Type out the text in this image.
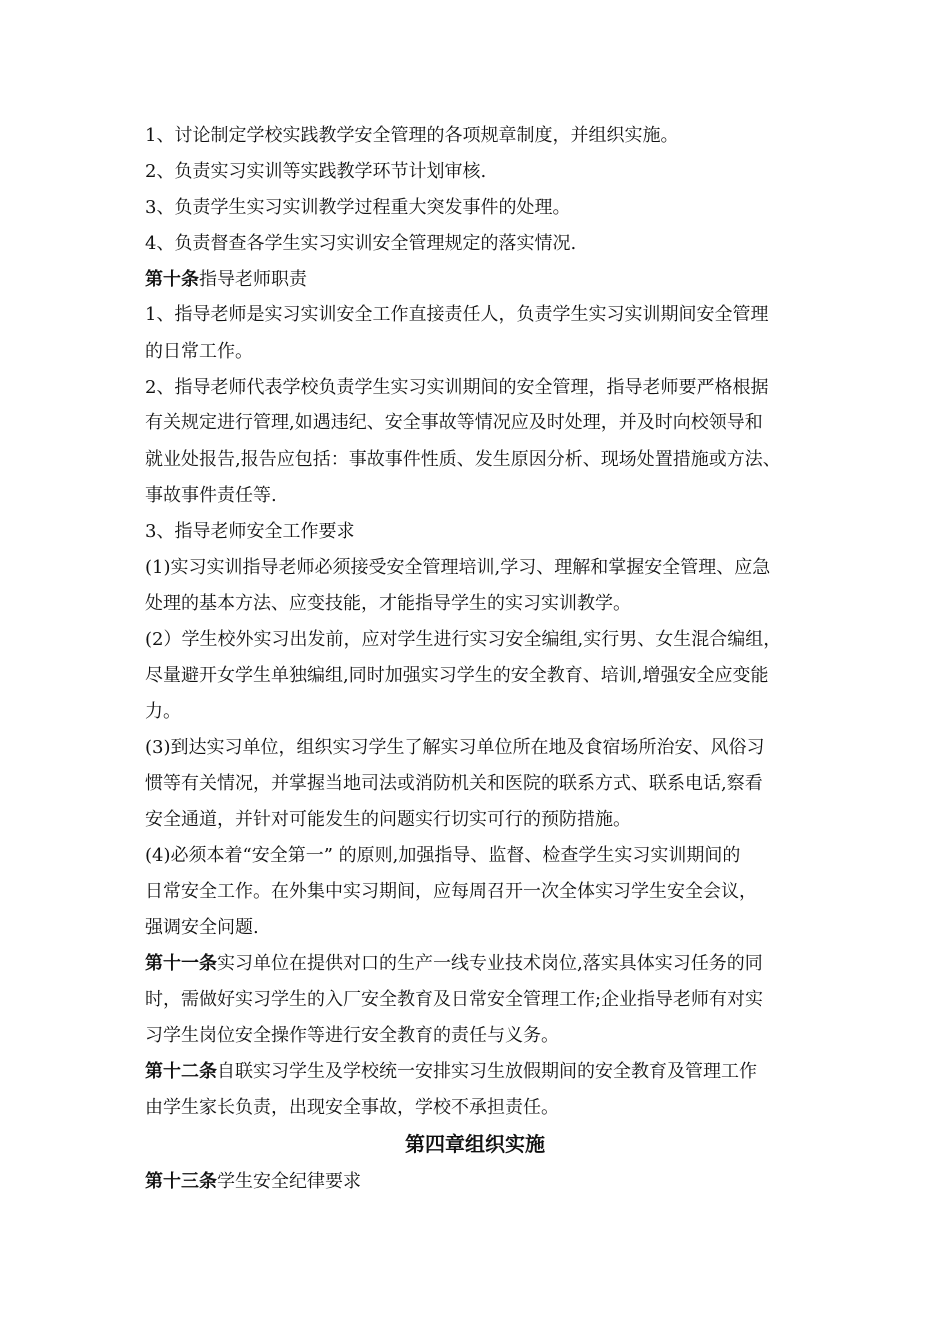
1、讨论制定学校实践教学安全管理的各项规章制度，并组织实施。
2、负责实习实训等实践教学环节计划审核.
3、负责学生实习实训教学过程重大突发事件的处理。
4、负责督查各学生实习实训安全管理规定的落实情况.
第十条指导老师职责
1、指导老师是实习实训安全工作直接责任人，负责学生实习实训期间安全管理
的日常工作。
2、指导老师代表学校负责学生实习实训期间的安全管理，指导老师要严格根据
有关规定进行管理,如遇违纪、安全事故等情况应及时处理，并及时向校领导和
就业处报告,报告应包括：事故事件性质、发生原因分析、现场处置措施或方法、
事故事件责任等.
3、指导老师安全工作要求
(1)实习实训指导老师必须接受安全管理培训,学习、理解和掌握安全管理、应急
处理的基本方法、应变技能，才能指导学生的实习实训教学。
(2）学生校外实习出发前，应对学生进行实习安全编组,实行男、女生混合编组，
尽量避开女学生单独编组,同时加强实习学生的安全教育、培训,增强安全应变能
力。
(3)到达实习单位，组织实习学生了解实习单位所在地及食宿场所治安、风俗习
惯等有关情况，并掌握当地司法或消防机关和医院的联系方式、联系电话,察看
安全通道，并针对可能发生的问题实行切实可行的预防措施。
(4)必须本着“安全第一” 的原则,加强指导、监督、检查学生实习实训期间的
日常安全工作。在外集中实习期间，应每周召开一次全体实习学生安全会议，
强调安全问题.
第十一条实习单位在提供对口的生产一线专业技术岗位,落实具体实习任务的同
时，需做好实习学生的入厂安全教育及日常安全管理工作;企业指导老师有对实
习学生岗位安全操作等进行安全教育的责任与义务。
第十二条自联实习学生及学校统一安排实习生放假期间的安全教育及管理工作
由学生家长负责，出现安全事故，学校不承担责任。
第四章组织实施
第十三条学生安全纪律要求
